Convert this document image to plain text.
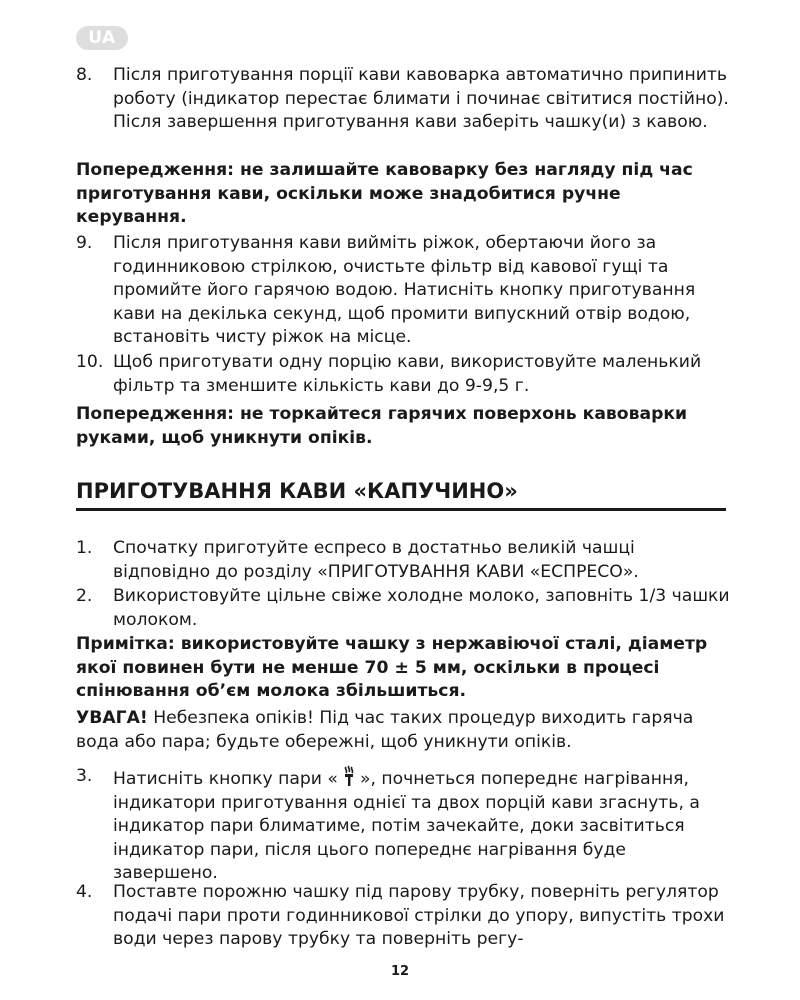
UA
8. Після приготування порції кави кавоварка автоматично припинить роботу (індикатор перестає блимати і починає світитися постійно). Після завершення приготування кави заберіть чашку(и) з кавою.
Попередження: не залишайте кавоварку без нагляду під час приготування кави, оскільки може знадобитися ручне керування.
9. Після приготування кави вийміть ріжок, обертаючи його за годинниковою стрілкою, очистьте фільтр від кавової гущі та промийте його гарячою водою. Натисніть кнопку приготування кави на декілька секунд, щоб промити випускний отвір водою, встановіть чисту ріжок на місце.
10. Щоб приготувати одну порцію кави, використовуйте маленький фільтр та зменшите кількість кави до 9-9,5 г.
Попередження: не торкайтеся гарячих поверхонь кавоварки руками, щоб уникнути опіків.
ПРИГОТУВАННЯ КАВИ «КАПУЧИНО»
1. Спочатку приготуйте еспресо в достатньо великій чашці відповідно до розділу «ПРИГОТУВАННЯ КАВИ «ЕСПРЕСО».
2. Використовуйте цільне свіже холодне молоко, заповніть 1/3 чашки молоком.
Примітка: використовуйте чашку з нержавіючої сталі, діаметр якої повинен бути не менше 70 ± 5 мм, оскільки в процесі спінювання об’єм молока збільшиться.
УВАГА! Небезпека опіків! Під час таких процедур виходить гаряча вода або пара; будьте обережні, щоб уникнути опіків.
3. Натисніть кнопку пари « », почнеться попереднє нагрівання, індикатори приготування однієї та двох порцій кави згаснуть, а індикатор пари блиматиме, потім зачекайте, доки засвітиться індикатор пари, після цього попереднє нагрівання буде завершено.
4. Поставте порожню чашку під парову трубку, поверніть регулятор подачі пари проти годинникової стрілки до упору, випустіть трохи води через парову трубку та поверніть регу-
12
